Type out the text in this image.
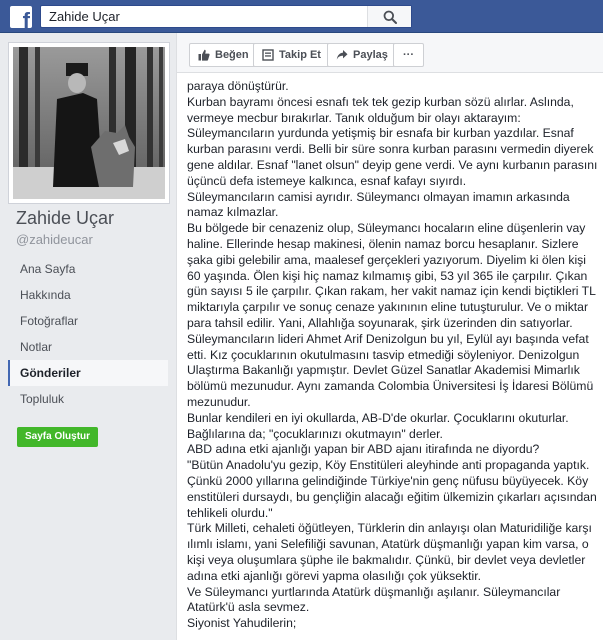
f
Zahide Uçar
Zahide Uçar
@zahideucar
Ana Sayfa
Hakkında
Fotoğraflar
Notlar
Gönderiler
Topluluk
Sayfa Oluştur
Beğen	Takip Et	Paylaş ···

paraya dönüştürür.

Kurban bayramı öncesi esnafı tek tek gezip kurban sözü alırlar. Aslında,

vermeye mecbur bırakırlar. Tanık olduğum bir olayı aktarayım:

Süleymancıların yurdunda yetişmiş bir esnafa bir kurban yazdılar. Esnaf

kurban parasını verdi. Belli bir süre sonra kurban parasını vermedin diyerek

gene aldılar. Esnaf "lanet olsun" deyip gene verdi. Ve aynı kurbanın parasını

üçüncü defa istemeye kalkınca, esnaf kafayı sıyırdı.

Süleymancıların camisi ayrıdır. Süleymancı olmayan imamın arkasında

namaz kılmazlar.

Bu bölgede bir cenazeniz olup, Süleymancı hocaların eline düşenlerin vay

haline. Ellerinde hesap makinesi, ölenin namaz borcu hesaplanır. Sizlere

şaka gibi gelebilir ama, maalesef gerçekleri yazıyorum. Diyelim ki ölen kişi

60 yaşında. Ölen kişi hiç namaz kılmamış gibi, 53 yıl 365 ile çarpılır. Çıkan

gün sayısı 5 ile çarpılır. Çıkan rakam, her vakit namaz için kendi biçtikleri TL

miktarıyla çarpılır ve sonuç cenaze yakınının eline tutuşturulur. Ve o miktar

para tahsil edilir. Yani, Allahlığa soyunarak, şirk üzerinden din satıyorlar.

Süleymancıların lideri Ahmet Arif Denizolgun bu yıl, Eylül ayı başında vefat

etti. Kız çocuklarının okutulmasını tasvip etmediği söyleniyor. Denizolgun

Ulaştırma Bakanlığı yapmıştır. Devlet Güzel Sanatlar Akademisi Mimarlık

bölümü mezunudur. Aynı zamanda Colombia Üniversitesi İş İdaresi Bölümü

mezunudur.

Bunlar kendileri en iyi okullarda, AB-D'de okurlar. Çocuklarını okuturlar.

Bağlılarına da; "çocuklarınızı okutmayın" derler.

ABD adına etki ajanlığı yapan bir ABD ajanı itirafında ne diyordu?

"Bütün Anadolu'yu gezip, Köy Enstitüleri aleyhinde anti propaganda yaptık.

Çünkü 2000 yıllarına gelindiğinde Türkiye'nin genç nüfusu büyüyecek. Köy

enstitüleri dursaydı, bu gençliğin alacağı eğitim ülkemizin çıkarları açısından

tehlikeli olurdu."

Türk Milleti, cehaleti öğütleyen, Türklerin din anlayışı olan Maturidiliğe karşı

ılımlı islamı, yani Selefiliği savunan, Atatürk düşmanlığı yapan kim varsa, o

kişi veya oluşumlara şüphe ile bakmalıdır. Çünkü, bir devlet veya devletler

adına etki ajanlığı görevi yapma olasılığı çok yüksektir.

Ve Süleymancı yurtlarında Atatürk düşmanlığı aşılanır. Süleymancılar

Atatürk'ü asla sevmez.

Siyonist Yahudilerin;
